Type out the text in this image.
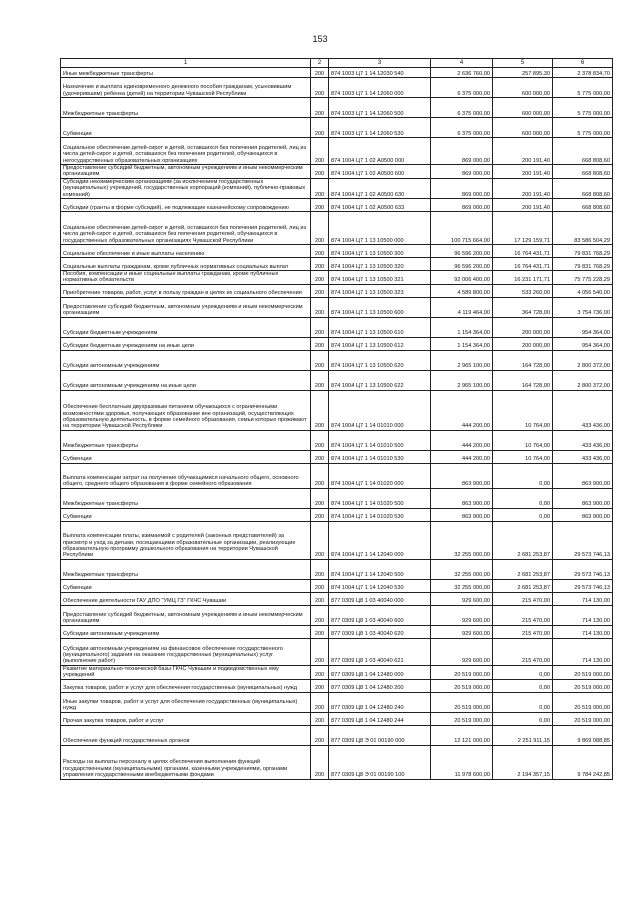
153
1	2	3	4	5	6
Иные межбюджетные трансферты	200	874 1003 Ц7 1 14 12030 540	2 636 760,00	257 895,30	2 378 834,70
Назначение и выплата единовременного денежного пособия гражданам, усыновившим (удочерившим) ребенка (детей) на территории Чувашской Республики	200	874 1003 Ц7 1 14 12060 000	6 375 000,00	600 000,00	5 775 000,00
Межбюджетные трансферты	200	874 1003 Ц7 1 14 12060 500	6 375 000,00	600 000,00	5 775 000,00
Субвенции	200	874 1003 Ц7 1 14 12060 530	6 375 000,00	600 000,00	5 775 000,00
Социальное обеспечение детей-сирот и детей, оставшихся без попечения родителей, лиц из числа детей-сирот и детей, оставшихся без попечения родителей, обучающихся в негосударственных образовательных организациях	200	874 1004 Ц7 1 02 А0500 000	869 000,00	200 191,40	668 808,60
Предоставление субсидий бюджетным, автономным учреждениям и иным некоммерческим организациям	200	874 1004 Ц7 1 02 А0500 600	869 000,00	200 191,40	668 808,60
Субсидии некоммерческим организациям (за исключением государственных (муниципальных) учреждений, государственных корпораций (компаний), публично-правовых компаний)	200	874 1004 Ц7 1 02 А0500 630	869 000,00	200 191,40	668 808,60
Субсидии (гранты в форме субсидий), не подлежащие казначейскому сопровождению	200	874 1004 Ц7 1 02 А0500 633	869 000,00	200 191,40	668 808,60
Социальное обеспечение детей-сирот и детей, оставшихся без попечения родителей, лиц из числа детей-сирот и детей, оставшихся без попечения родителей, обучающихся в государственных образовательных организациях Чувашской Республики	200	874 1004 Ц7 1 13 10500 000	100 715 664,00	17 129 159,71	83 586 504,29
Социальное обеспечение и иные выплаты населению	200	874 1004 Ц7 1 13 10500 300	96 596 200,00	16 764 431,71	79 831 768,29
Социальные выплаты гражданам, кроме публичных нормативных социальных выплат	200	874 1004 Ц7 1 13 10500 320	96 596 200,00	16 764 431,71	79 831 768,29
Пособия, компенсации и иные социальные выплаты гражданам, кроме публичных нормативных обязательств	200	874 1004 Ц7 1 13 10500 321	92 006 400,00	16 231 171,71	75 775 228,29
Приобретение товаров, работ, услуг в пользу граждан в целях их социального обеспечения	200	874 1004 Ц7 1 13 10500 323	4 589 800,00	533 260,00	4 056 540,00
Предоставление субсидий бюджетным, автономным учреждениям и иным некоммерческим организациям	200	874 1004 Ц7 1 13 10500 600	4 119 464,00	364 728,00	3 754 736,00
Субсидии бюджетным учреждениям	200	874 1004 Ц7 1 13 10500 610	1 154 364,00	200 000,00	954 364,00
Субсидии бюджетным учреждениям на иные цели	200	874 1004 Ц7 1 13 10500 612	1 154 364,00	200 000,00	954 364,00
Субсидии автономным учреждениям	200	874 1004 Ц7 1 13 10500 620	2 965 100,00	164 728,00	2 800 372,00
Субсидии автономным учреждениям на иные цели	200	874 1004 Ц7 1 13 10500 622	2 965 100,00	164 728,00	2 800 372,00
Обеспечение бесплатным двухразовым питанием обучающихся с ограниченными возможностями здоровья, получающих образование вне организаций, осуществляющих образовательную деятельность, в форме семейного образования, семьи которых проживают на территории Чувашской Республики	200	874 1004 Ц7 1 14 01010 000	444 200,00	10 764,00	433 436,00
Межбюджетные трансферты	200	874 1004 Ц7 1 14 01010 500	444 200,00	10 764,00	433 436,00
Субвенции	200	874 1004 Ц7 1 14 01010 530	444 200,00	10 764,00	433 436,00
Выплата компенсации затрат на получение обучающимися начального общего, основного общего, среднего общего образования в форме семейного образования	200	874 1004 Ц7 1 14 01020 000	863 900,00	0,00	863 900,00
Межбюджетные трансферты	200	874 1004 Ц7 1 14 01020 500	863 900,00	0,00	863 900,00
Субвенции	200	874 1004 Ц7 1 14 01020 530	863 900,00	0,00	863 900,00
Выплата компенсации платы, взимаемой с родителей (законных представителей) за присмотр и уход за детьми, посещающими образовательные организации, реализующие образовательную программу дошкольного образования на территории Чувашской Республики	200	874 1004 Ц7 1 14 12040 000	32 255 000,00	2 681 253,87	29 573 746,13
Межбюджетные трансферты	200	874 1004 Ц7 1 14 12040 500	32 255 000,00	2 681 253,87	29 573 746,13
Субвенции	200	874 1004 Ц7 1 14 12040 530	32 255 000,00	2 681 253,87	29 573 746,13
Обеспечение деятельности ГАУ ДПО "УМЦ ГЗ" ГКЧС Чувашии	200	877 0309 Ц8 1 03 40040 000	929 600,00	215 470,00	714 130,00
Предоставление субсидий бюджетным, автономным учреждениям и иным некоммерческим организациям	200	877 0309 Ц8 1 03 40040 600	929 600,00	215 470,00	714 130,00
Субсидии автономным учреждениям	200	877 0309 Ц8 1 03 40040 620	929 600,00	215 470,00	714 130,00
Субсидии автономным учреждениям на финансовое обеспечение государственного (муниципального) задания на оказание государственных (муниципальных) услуг (выполнение работ)	200	877 0309 Ц8 1 03 40040 621	929 600,00	215 470,00	714 130,00
Развитие материально-технической базы ГКЧС Чувашии и подведомственных ему учреждений	200	877 0309 Ц8 1 04 12480 000	20 519 000,00	0,00	20 519 000,00
Закупка товаров, работ и услуг для обеспечения государственных (муниципальных) нужд	200	877 0309 Ц8 1 04 12480 200	20 519 000,00	0,00	20 519 000,00
Иные закупки товаров, работ и услуг для обеспечения государственных (муниципальных) нужд	200	877 0309 Ц8 1 04 12480 240	20 519 000,00	0,00	20 519 000,00
Прочая закупка товаров, работ и услуг	200	877 0309 Ц8 1 04 12480 244	20 519 000,00	0,00	20 519 000,00
Обеспечение функций государственных органов	200	877 0309 Ц8 Э 01 00190 000	12 121 000,00	2 251 911,15	9 869 088,85
Расходы на выплаты персоналу в целях обеспечения выполнения функций государственными (муниципальными) органами, казенными учреждениями, органами управления государственными внебюджетными фондами	200	877 0309 Ц8 Э 01 00190 100	11 978 600,00	2 194 357,15	9 784 242,85
